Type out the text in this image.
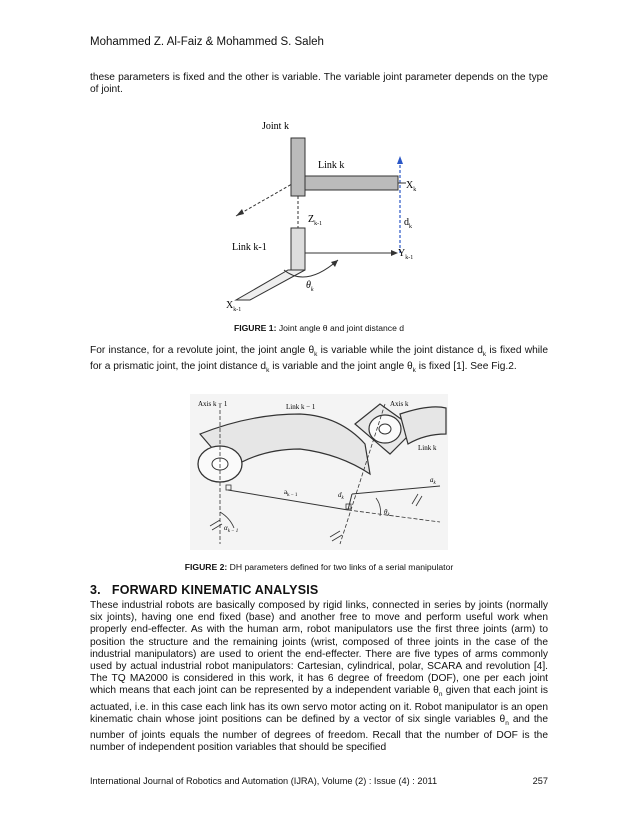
Mohammed Z. Al-Faiz & Mohammed S. Saleh

these parameters is fixed and the other is variable. The variable joint parameter depends on the type of joint.

Joint k
Link k
$X_k$
$d_k$
$Z_{k-1}$
Link k-1
$Y_{k-1}$
$\theta_k$
$X_{k-1}$
FIGURE 1: Joint angle θ and joint distance d

For instance, for a revolute joint, the joint angle $\theta_k$ is variable while the joint distance $d_k$ is fixed while for a prismatic joint, the joint distance $d_k$ is variable and the joint angle $\theta_k$ is fixed [1]. See Fig.2.

Axis k − 1	Axis k
Link k − 1
Link k
$a_{k - 1}$	$d_k$
$\alpha_{k - 1}$
$\theta_k$
$a_k$
FIGURE 2: DH parameters defined for two links of a serial manipulator
3. FORWARD KINEMATIC ANALYSIS

These industrial robots are basically composed by rigid links, connected in series by joints (normally six joints), having one end fixed (base) and another free to move and perform useful work when properly end-effecter. As with the human arm, robot manipulators use the first three joints (arm) to position the structure and the remaining joints (wrist, composed of three joints in the case of the industrial manipulators) are used to orient the end-effecter. There are five types of arms commonly used by actual industrial robot manipulators: Cartesian, cylindrical, polar, SCARA and revolution [4]. The TQ MA2000 is considered in this work, it has 6 degree of freedom (DOF), one per each joint which means that each joint can be represented by a independent variable $\theta_n$ given that each joint is actuated, i.e. in this case each link has its own servo motor acting on it. Robot manipulator is an open kinematic chain whose joint positions can be defined by a vector of six single variables $\theta_n$ and the number of joints equals the number of degrees of freedom. Recall that the number of DOF is the number of independent position variables that should be specified

International Journal of Robotics and Automation (IJRA), Volume (2) : Issue (4) : 2011	257
